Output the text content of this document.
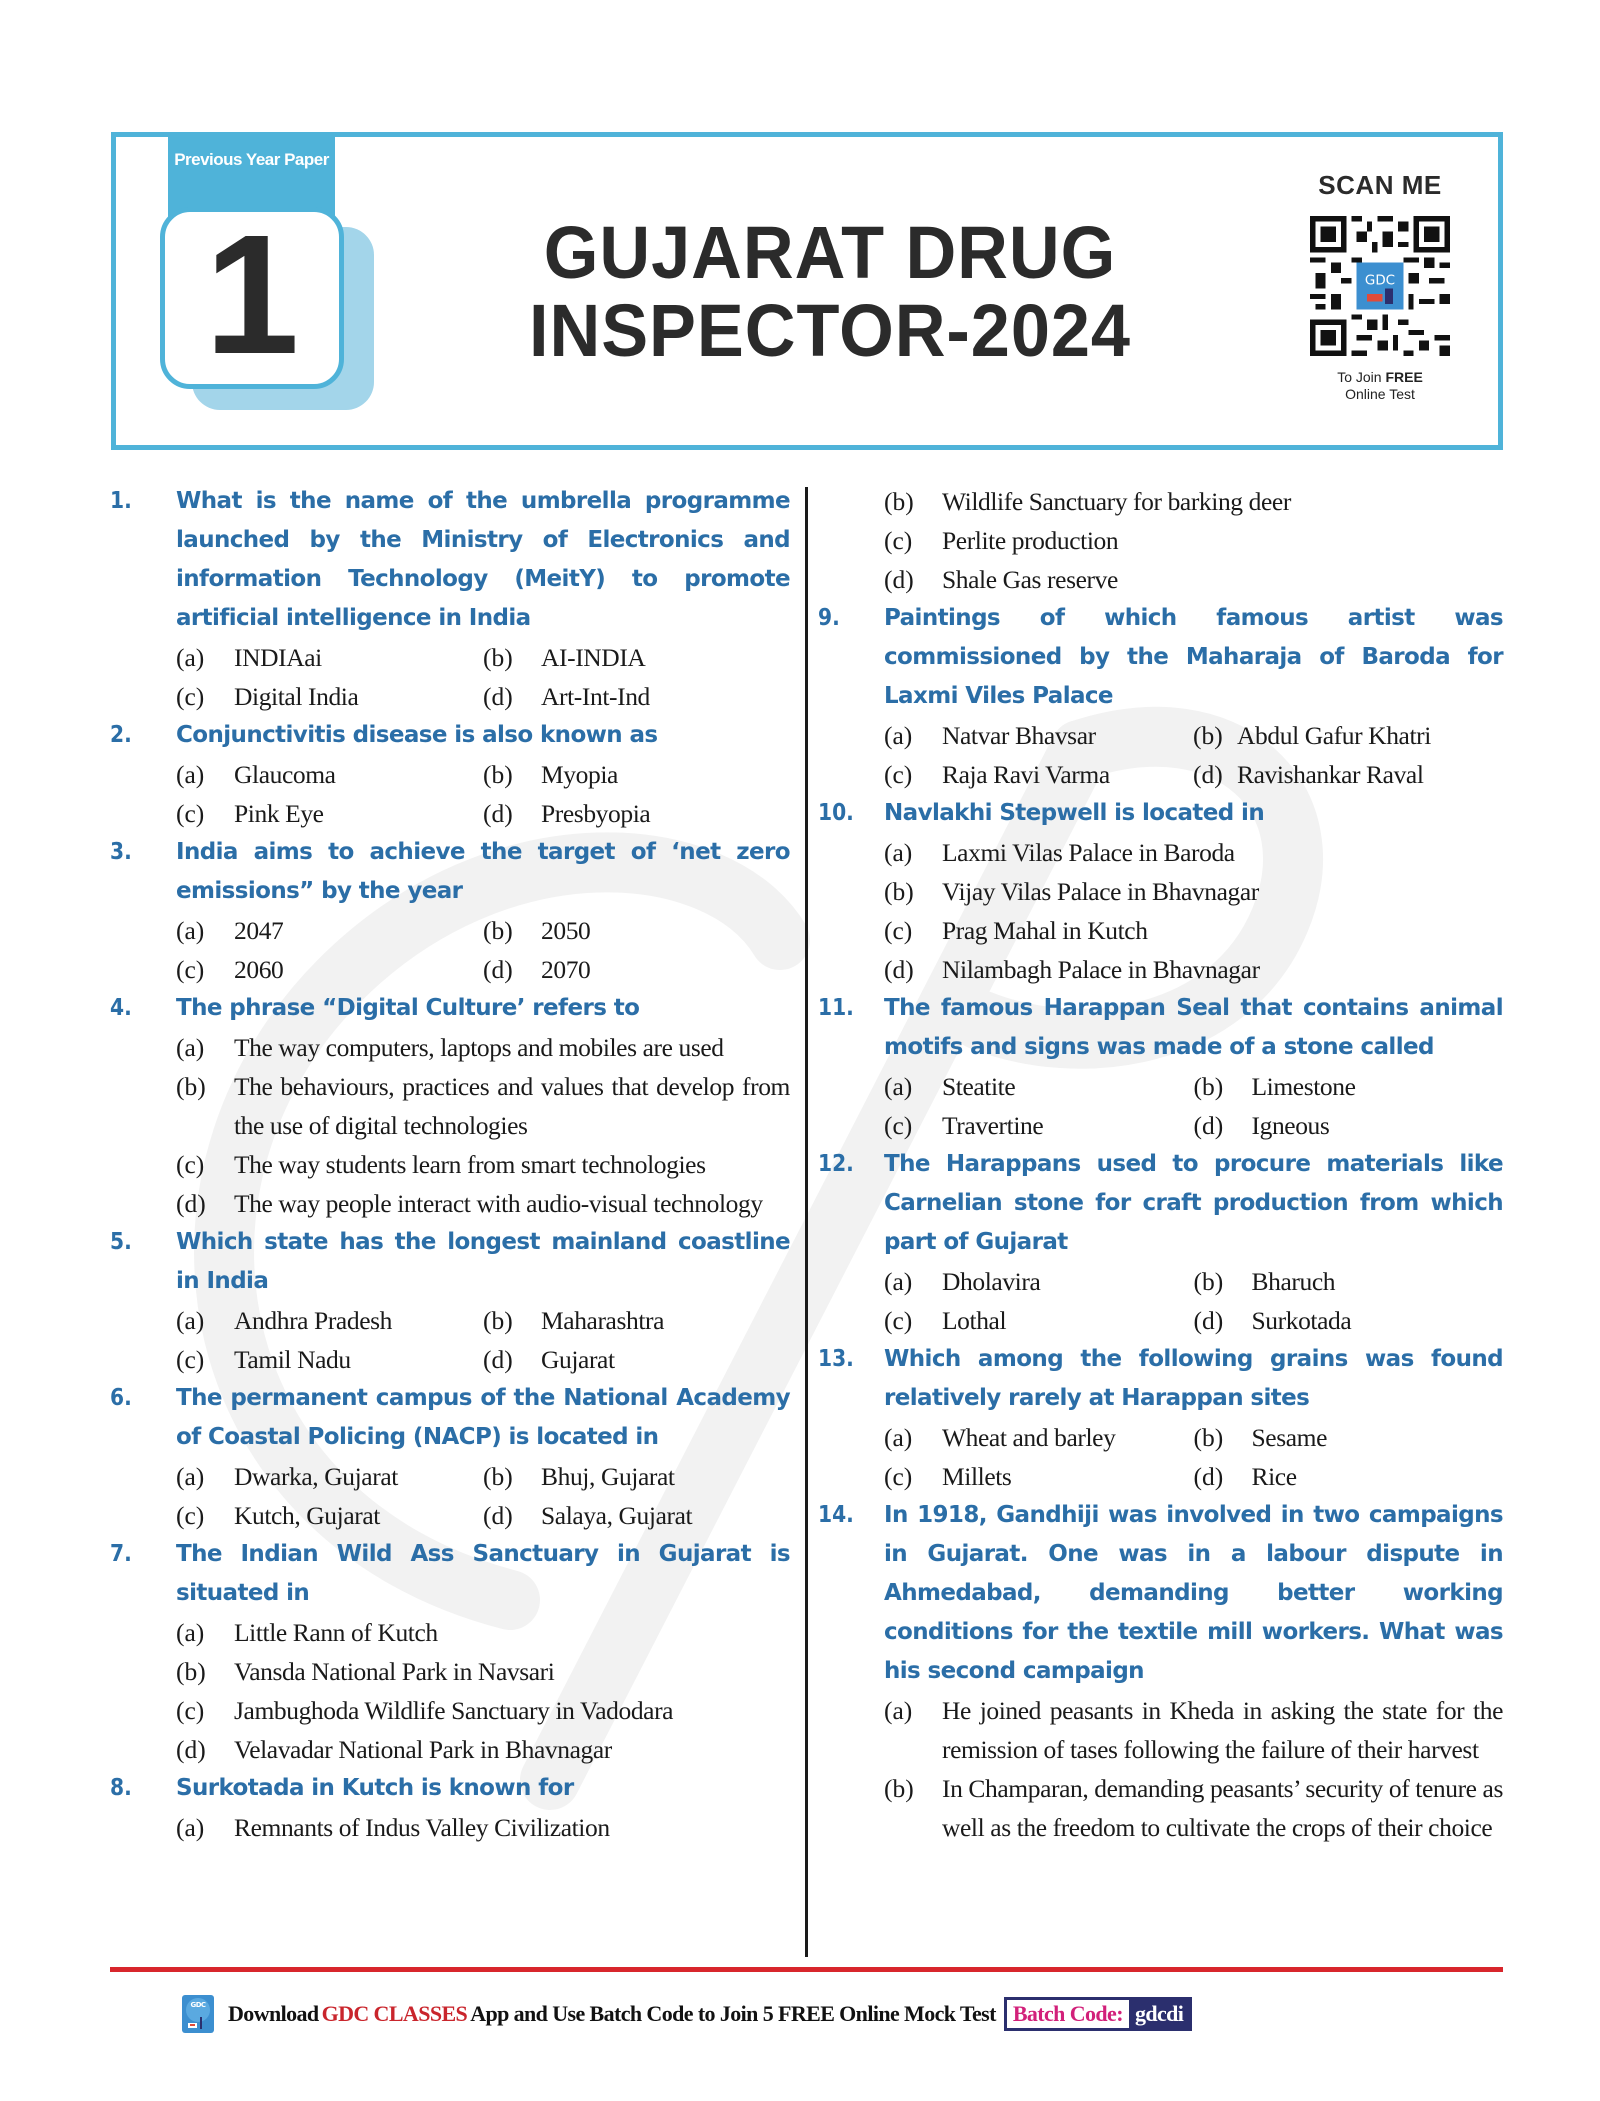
Previous Year Paper
1	GUJARAT DRUG
INSPECTOR-2024
SCAN ME
GDC
To Join FREE
Online Test
1.	What is the name of the umbrella programme launched by the Ministry of Electronics and information Technology (MeitY) to promote artificial intelligence in India
(a)	INDIAai	(b)	AI-INDIA
(c)	Digital India	(d)	Art-Int-Ind
2.	Conjunctivitis disease is also known as
(a)	Glaucoma	(b)	Myopia
(c)	Pink Eye	(d)	Presbyopia
3.	India aims to achieve the target of ‘net zero emissions” by the year
(a)	2047	(b)	2050
(c)	2060	(d)	2070
4.	The phrase “Digital Culture’ refers to
(a)	The way computers, laptops and mobiles are used
(b)	The behaviours, practices and values that develop from the use of digital technologies
(c)	The way students learn from smart technologies
(d)	The way people interact with audio-visual technology
5.	Which state has the longest mainland coastline in India
(a)	Andhra Pradesh	(b)	Maharashtra
(c)	Tamil Nadu	(d)	Gujarat
6.	The permanent campus of the National Academy of Coastal Policing (NACP) is located in
(a)	Dwarka, Gujarat	(b)	Bhuj, Gujarat
(c)	Kutch, Gujarat	(d)	Salaya, Gujarat
7.	The Indian Wild Ass Sanctuary in Gujarat is situated in
(a)	Little Rann of Kutch
(b)	Vansda National Park in Navsari
(c)	Jambughoda Wildlife Sanctuary in Vadodara
(d)	Velavadar National Park in Bhavnagar
8.	Surkotada in Kutch is known for
(a)	Remnants of Indus Valley Civilization
(b)	Wildlife Sanctuary for barking deer
(c)	Perlite production
(d)	Shale Gas reserve
9.	Paintings of which famous artist was commissioned by the Maharaja of Baroda for Laxmi Viles Palace
(a)	Natvar Bhavsar	(b) Abdul Gafur Khatri
(c)	Raja Ravi Varma	(d) Ravishankar Raval
10.	Navlakhi Stepwell is located in
(a)	Laxmi Vilas Palace in Baroda
(b)	Vijay Vilas Palace in Bhavnagar
(c)	Prag Mahal in Kutch
(d)	Nilambagh Palace in Bhavnagar
11.	The famous Harappan Seal that contains animal motifs and signs was made of a stone called
(a)	Steatite	(b)	Limestone
(c)	Travertine	(d)	Igneous
12.	The Harappans used to procure materials like Carnelian stone for craft production from which part of Gujarat
(a)	Dholavira	(b)	Bharuch
(c)	Lothal	(d)	Surkotada
13.	Which among the following grains was found relatively rarely at Harappan sites
(a)	Wheat and barley	(b)	Sesame
(c)	Millets	(d)	Rice
14.	In 1918, Gandhiji was involved in two campaigns in Gujarat. One was in a labour dispute in Ahmedabad, demanding better working conditions for the textile mill workers. What was his second campaign
(a)	He joined peasants in Kheda in asking the state for the remission of tases following the failure of their harvest
(b)	In Champaran, demanding peasants’ security of tenure as well as the freedom to cultivate the crops of their choice
GDC Download GDC CLASSES App and Use Batch Code to Join 5 FREE Online Mock Test Batch Code: gdcdi
